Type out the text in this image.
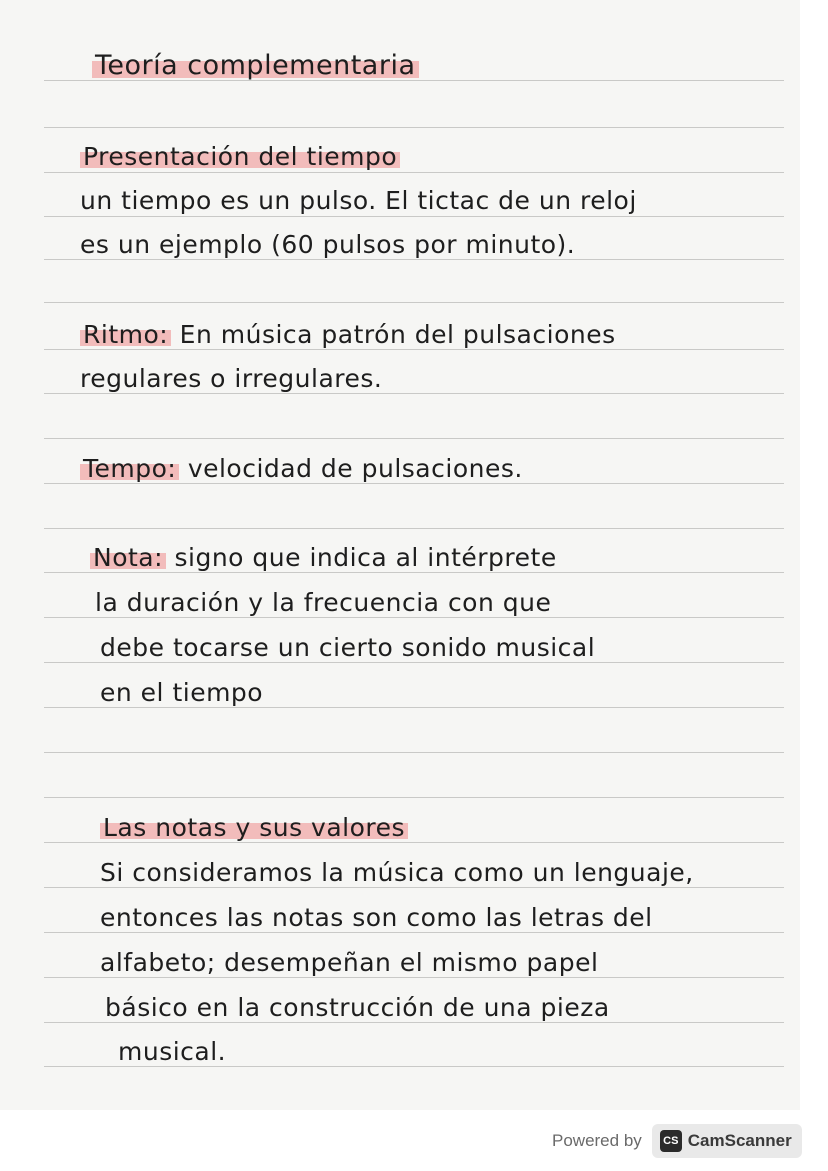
Teoría complementaria
Presentación del tiempo
un tiempo es un pulso. El tictac de un reloj
es un ejemplo (60 pulsos por minuto).
Ritmo: En música patrón del pulsaciones
regulares o irregulares.
Tempo: velocidad de pulsaciones.
Nota: signo que indica al intérprete
la duración y la frecuencia con que
debe tocarse un cierto sonido musical
en el tiempo
Las notas y sus valores
Si consideramos la música como un lenguaje,
entonces las notas son como las letras del
alfabeto; desempeñan el mismo papel
básico en la construcción de una pieza
musical.
Powered by	CS CamScanner
